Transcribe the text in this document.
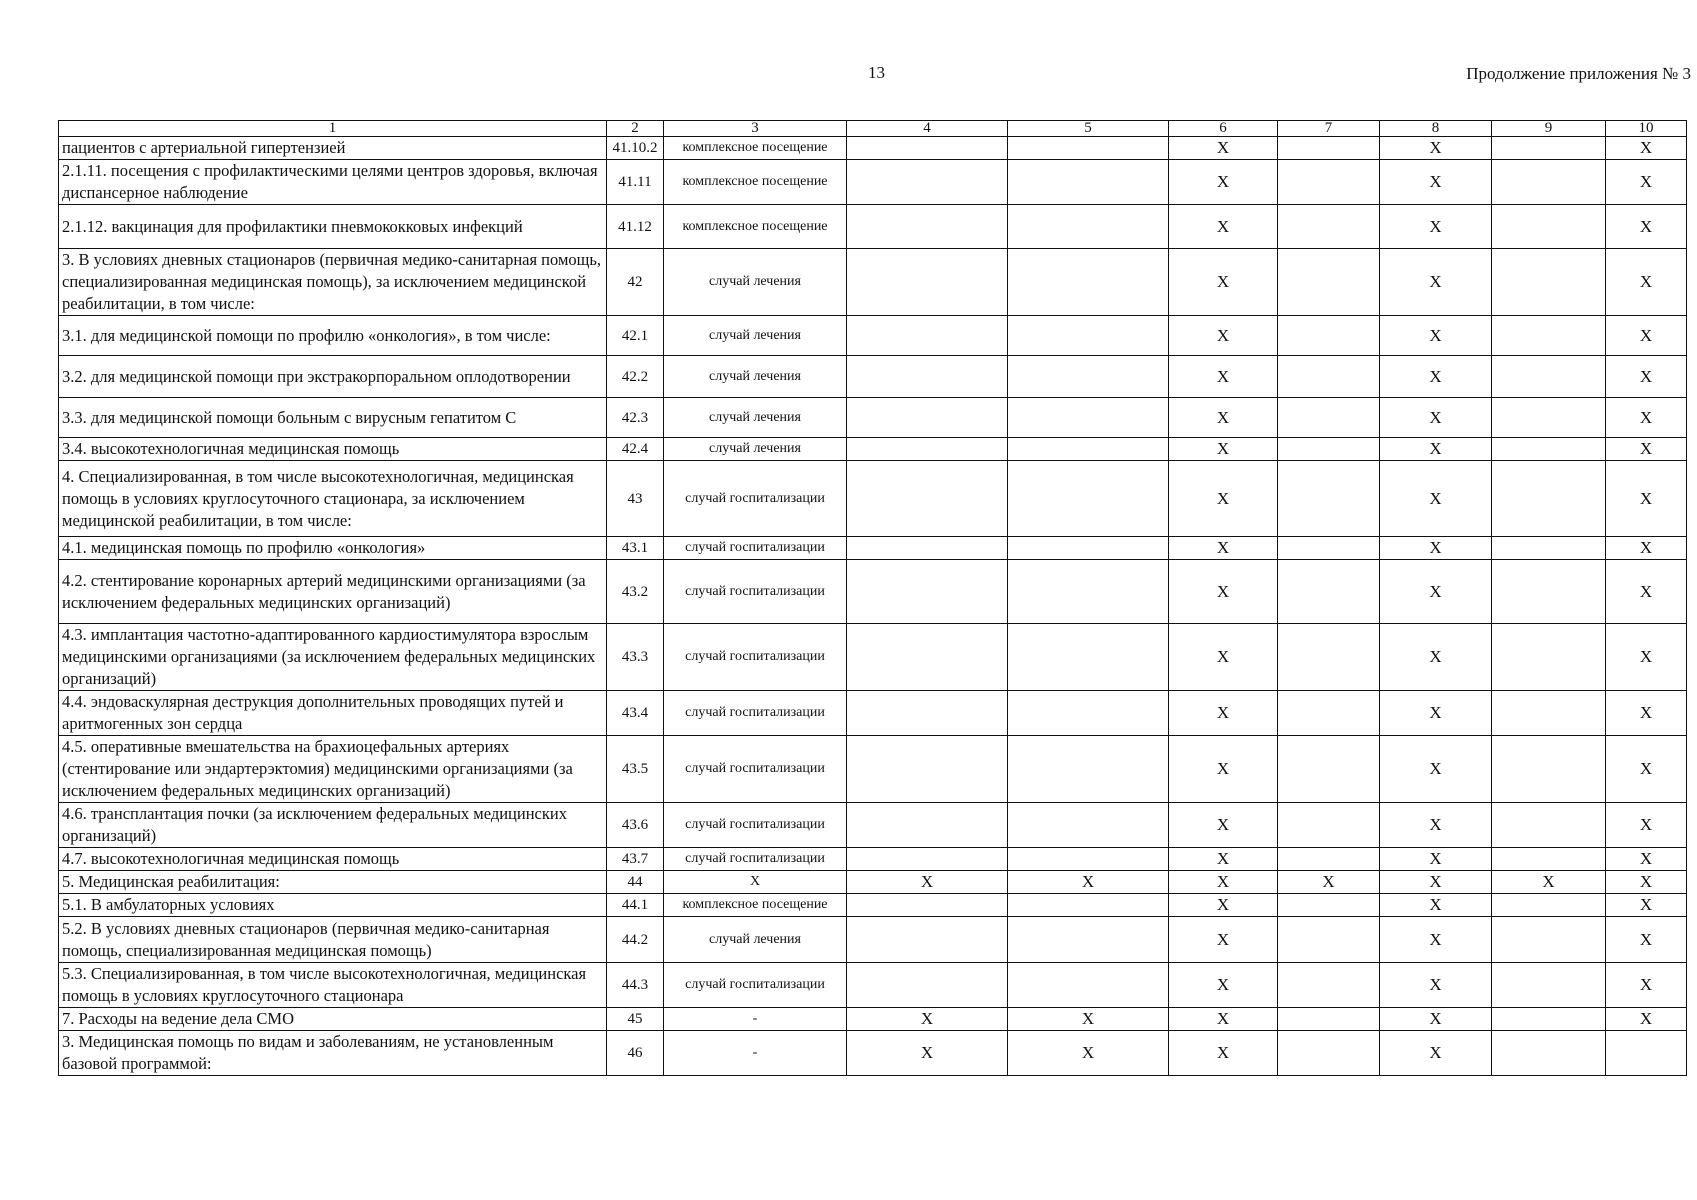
13	Продолжение приложения № 3
1	2	3	4	5	6	7	8	9	10
пациентов с артериальной гипертензией	41.10.2	комплексное посещение			X		X		X
2.1.11. посещения с профилактическими целями центров здоровья, включая диспансерное наблюдение	41.11	комплексное посещение			X		X		X
2.1.12. вакцинация для профилактики пневмококковых инфекций	41.12	комплексное посещение			X		X		X
3. В условиях дневных стационаров (первичная медико-санитарная помощь, специализированная медицинская помощь), за исключением медицинской реабилитации, в том числе:	42	случай лечения			X		X		X
3.1. для медицинской помощи по профилю «онкология», в том числе:	42.1	случай лечения			X		X		X
3.2. для медицинской помощи при экстракорпоральном оплодотворении	42.2	случай лечения			X		X		X
3.3. для медицинской помощи больным с вирусным гепатитом С	42.3	случай лечения			X		X		X
3.4. высокотехнологичная медицинская помощь	42.4	случай лечения			X		X		X
4. Специализированная, в том числе высокотехнологичная, медицинская помощь в условиях круглосуточного стационара, за исключением медицинской реабилитации, в том числе:	43	случай госпитализации			X		X		X
4.1. медицинская помощь по профилю «онкология»	43.1	случай госпитализации			X		X		X
4.2. стентирование коронарных артерий медицинскими организациями (за исключением федеральных медицинских организаций)	43.2	случай госпитализации			X		X		X
4.3. имплантация частотно-адаптированного кардиостимулятора взрослым медицинскими организациями (за исключением федеральных медицинских организаций)	43.3	случай госпитализации			X		X		X
4.4. эндоваскулярная деструкция дополнительных проводящих путей и аритмогенных зон сердца	43.4	случай госпитализации			X		X		X
4.5. оперативные вмешательства на брахиоцефальных артериях (стентирование или эндартерэктомия) медицинскими организациями (за исключением федеральных медицинских организаций)	43.5	случай госпитализации			X		X		X
4.6. трансплантация почки (за исключением федеральных медицинских организаций)	43.6	случай госпитализации			X		X		X
4.7. высокотехнологичная медицинская помощь	43.7	случай госпитализации			X		X		X
5. Медицинская реабилитация:	44	X	X	X	X	X	X	X	X
5.1. В амбулаторных условиях	44.1	комплексное посещение			X		X		X
5.2. В условиях дневных стационаров (первичная медико-санитарная помощь, специализированная медицинская помощь)	44.2	случай лечения			X		X		X
5.3. Специализированная, в том числе высокотехнологичная, медицинская помощь в условиях круглосуточного стационара	44.3	случай госпитализации			X		X		X
7. Расходы на ведение дела СМО	45	-	X	X	X		X		X
3. Медицинская помощь по видам и заболеваниям, не установленным базовой программой:	46	-	X	X	X		X		
